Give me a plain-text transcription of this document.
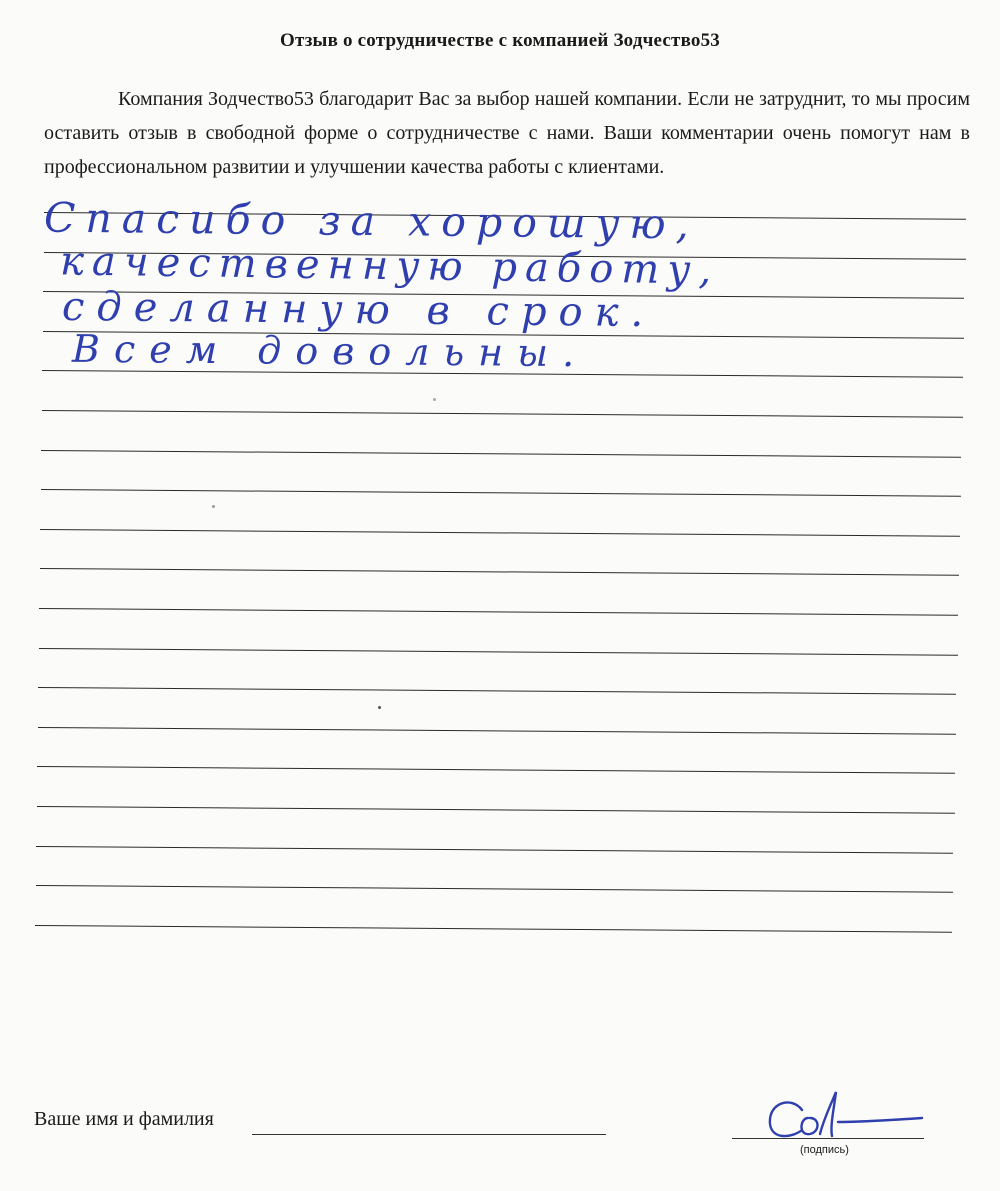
Отзыв о сотрудничестве с компанией Зодчество53

Компания Зодчество53 благодарит Вас за выбор нашей компании. Если не затруднит, то мы просим оставить отзыв в свободной форме о сотрудничестве с нами. Ваши комментарии очень помогут нам в профессиональном развитии и улучшении качества работы с клиентами.

Спасибо за хорошую,
качественную работу,
сделанную в срок.
Всем довольны.
Ваше имя и фамилия
(подпись)
